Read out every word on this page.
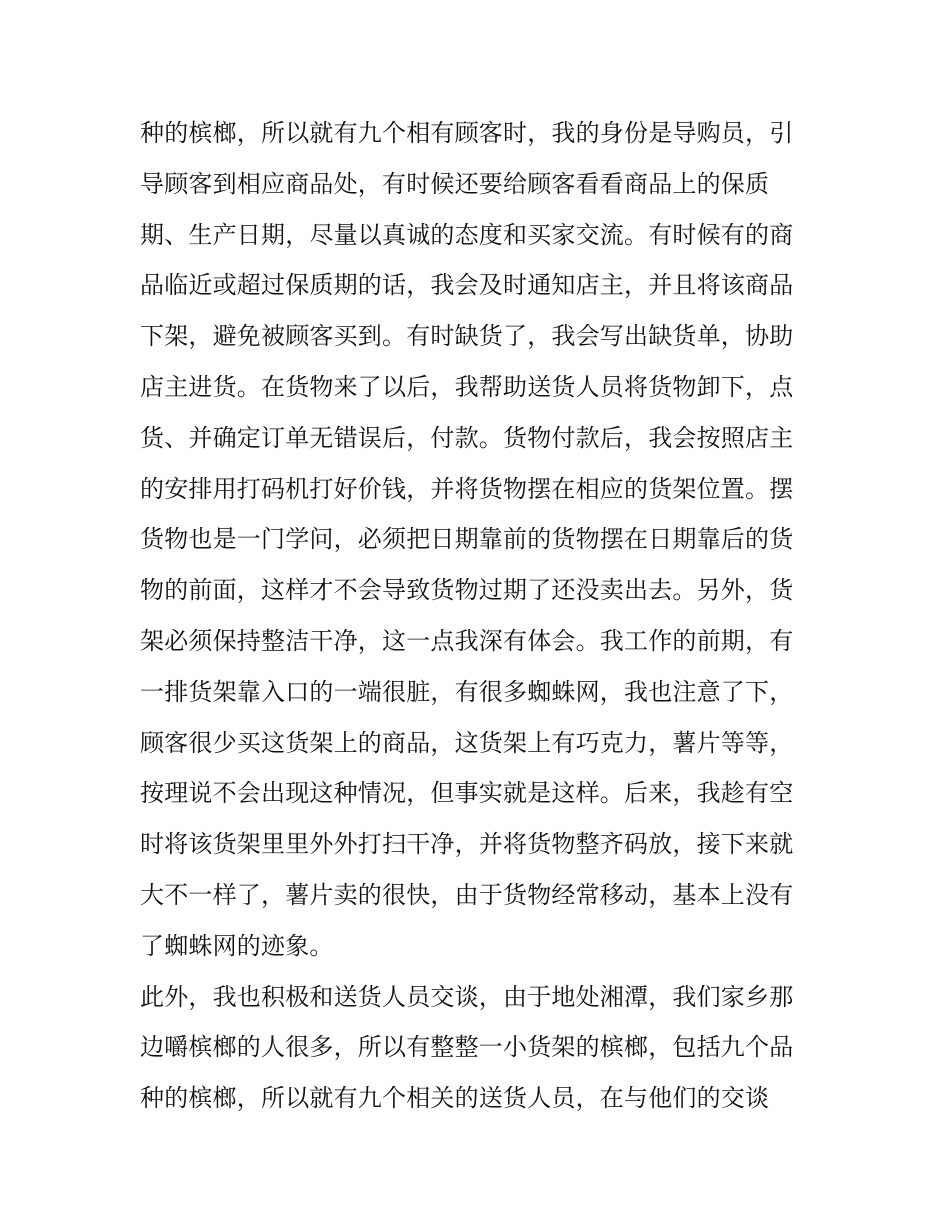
种的槟榔，所以就有九个相有顾客时，我的身份是导购员，引
导顾客到相应商品处，有时候还要给顾客看看商品上的保质
期、生产日期，尽量以真诚的态度和买家交流。有时候有的商
品临近或超过保质期的话，我会及时通知店主，并且将该商品
下架，避免被顾客买到。有时缺货了，我会写出缺货单，协助
店主进货。在货物来了以后，我帮助送货人员将货物卸下，点
货、并确定订单无错误后，付款。货物付款后，我会按照店主
的安排用打码机打好价钱，并将货物摆在相应的货架位置。摆
货物也是一门学问，必须把日期靠前的货物摆在日期靠后的货
物的前面，这样才不会导致货物过期了还没卖出去。另外，货
架必须保持整洁干净，这一点我深有体会。我工作的前期，有
一排货架靠入口的一端很脏，有很多蜘蛛网，我也注意了下，
顾客很少买这货架上的商品，这货架上有巧克力，薯片等等，
按理说不会出现这种情况，但事实就是这样。后来，我趁有空
时将该货架里里外外打扫干净，并将货物整齐码放，接下来就
大不一样了，薯片卖的很快，由于货物经常移动，基本上没有
了蜘蛛网的迹象。
此外，我也积极和送货人员交谈，由于地处湘潭，我们家乡那
边嚼槟榔的人很多，所以有整整一小货架的槟榔，包括九个品
种的槟榔，所以就有九个相关的送货人员，在与他们的交谈
